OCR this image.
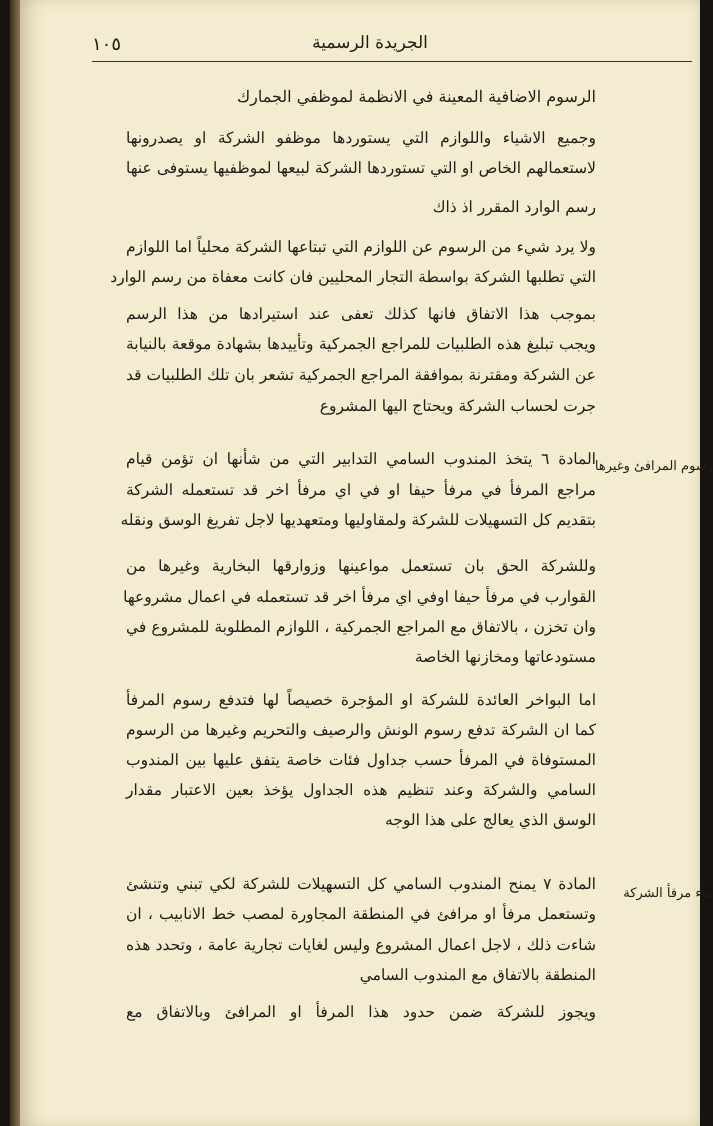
١٠٥	الجريدة الرسمية
رسوم المرافئ وغيرها
بناء مرفأ الشركة
الرسوم الاضافية المعينة في الانظمة لموظفي الجمارك
وجميع الاشياء واللوازم التي يستوردها موظفو الشركة او يصدرونها
لاستعمالهم الخاص او التي تستوردها الشركة لبيعها لموظفيها يستوفى عنها
رسم الوارد المقرر اذ ذاك
ولا يرد شيء من الرسوم عن اللوازم التي تبتاعها الشركة محلياً اما اللوازم
التي تطلبها الشركة بواسطة التجار المحليين فان كانت معفاة من رسم الوارد
بموجب هذا الاتفاق فانها كذلك تعفى عند استيرادها من هذا الرسم
ويجب تبليغ هذه الطلبيات للمراجع الجمركية وتأييدها بشهادة موقعة بالنيابة
عن الشركة ومقترنة بموافقة المراجع الجمركية تشعر بان تلك الطلبيات قد
جرت لحساب الشركة ويحتاج اليها المشروع
المادة ٦ يتخذ المندوب السامي التدابير التي من شأنها ان تؤمن قيام
مراجع المرفأ في مرفأ حيفا او في اي مرفأ اخر قد تستعمله الشركة
بتقديم كل التسهيلات للشركة ولمقاوليها ومتعهديها لاجل تفريغ الوسق ونقله
وللشركة الحق بان تستعمل مواعينها وزوارقها البخارية وغيرها من
القوارب في مرفأ حيفا اوفي اي مرفأ اخر قد تستعمله في اعمال مشروعها
وان تخزن ، بالاتفاق مع المراجع الجمركية ، اللوازم المطلوبة للمشروع في
مستودعاتها ومخازنها الخاصة
اما البواخر العائدة للشركة او المؤجرة خصيصاً لها فتدفع رسوم المرفأ
كما ان الشركة تدفع رسوم الونش والرصيف والتحريم وغيرها من الرسوم
المستوفاة في المرفأ حسب جداول فئات خاصة يتفق عليها بين المندوب
السامي والشركة وعند تنظيم هذه الجداول يؤخذ بعين الاعتبار مقدار
الوسق الذي يعالج على هذا الوجه
المادة ٧ يمنح المندوب السامي كل التسهيلات للشركة لكي تبني وتنشئ
وتستعمل مرفأ او مرافئ في المنطقة المجاورة لمصب خط الانابيب ، ان
شاءت ذلك ، لاجل اعمال المشروع وليس لغايات تجارية عامة ، وتحدد هذه
المنطقة بالاتفاق مع المندوب السامي
ويجوز للشركة ضمن حدود هذا المرفأ او المرافئ وبالاتفاق مع
